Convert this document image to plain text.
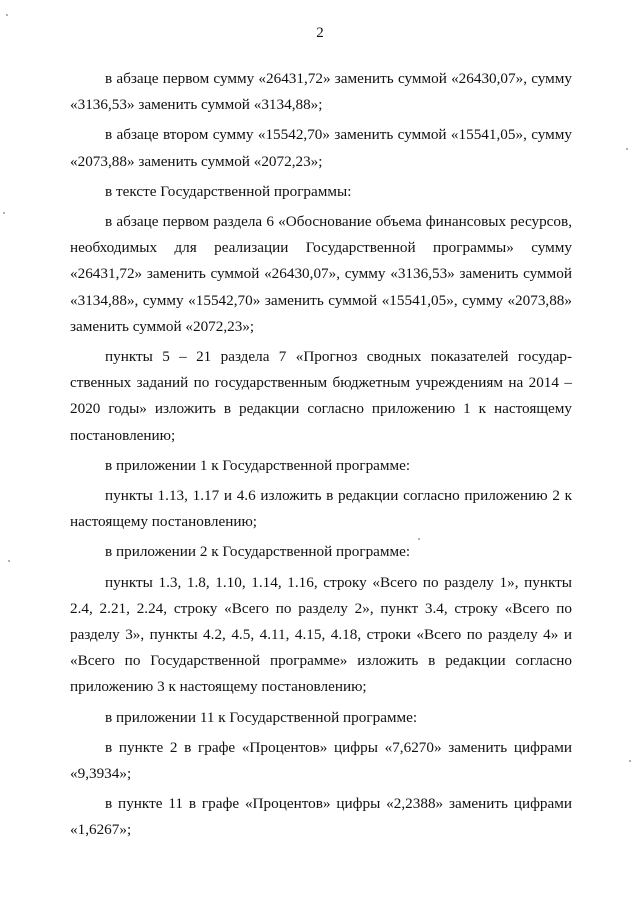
2

в абзаце первом сумму «26431,72» заменить суммой «26430,07», сумму «3136,53» заменить суммой «3134,88»;

в абзаце втором сумму «15542,70» заменить суммой «15541,05», сумму «2073,88» заменить суммой «2072,23»;

в тексте Государственной программы:

в абзаце первом раздела 6 «Обоснование объема финансовых ресурсов, необходимых для реализации Государственной программы» сумму «26431,72» заменить суммой «26430,07», сумму «3136,53» заменить суммой «3134,88», сумму «15542,70» заменить суммой «15541,05», сумму «2073,88» заменить суммой «2072,23»;

пункты 5 – 21 раздела 7 «Прогноз сводных показателей государственных заданий по государственным бюджетным учреждениям на 2014 – 2020 годы» изложить в редакции согласно приложению 1 к настоящему постановлению;

в приложении 1 к Государственной программе:

пункты 1.13, 1.17 и 4.6 изложить в редакции согласно приложению 2 к настоящему постановлению;

в приложении 2 к Государственной программе:

пункты 1.3, 1.8, 1.10, 1.14, 1.16, строку «Всего по разделу 1», пункты 2.4, 2.21, 2.24, строку «Всего по разделу 2», пункт 3.4, строку «Всего по разделу 3», пункты 4.2, 4.5, 4.11, 4.15, 4.18, строки «Всего по разделу 4» и «Всего по Государственной программе» изложить в редакции согласно приложению 3 к настоящему постановлению;

в приложении 11 к Государственной программе:

в пункте 2 в графе «Процентов» цифры «7,6270» заменить цифрами «9,3934»;

в пункте 11 в графе «Процентов» цифры «2,2388» заменить цифрами «1,6267»;
